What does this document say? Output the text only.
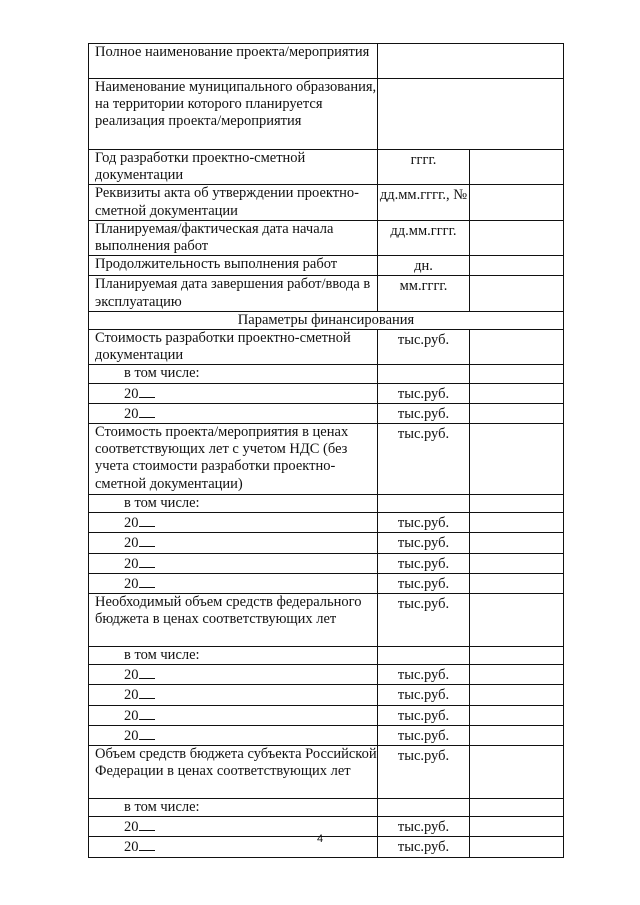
Полное наименование проекта/мероприятия		
Наименование муниципального образования, на территории которого планируется реализация проекта/мероприятия		
Год разработки проектно-сметной документации	гггг.	
Реквизиты акта об утверждении проектно-сметной документации	дд.мм.гггг., №	
Планируемая/фактическая дата начала выполнения работ	дд.мм.гггг.	
Продолжительность выполнения работ	дн.	
Планируемая дата завершения работ/ввода в эксплуатацию	мм.гггг.	
Параметры финансирования		
Стоимость разработки проектно-сметной документации	тыс.руб.	
в том числе:		
20	тыс.руб.	
20	тыс.руб.	
Стоимость проекта/мероприятия в ценах соответствующих лет с учетом НДС (без учета стоимости разработки проектно-сметной документации)	тыс.руб.	
в том числе:		
20	тыс.руб.	
20	тыс.руб.	
20	тыс.руб.	
20	тыс.руб.	
Необходимый объем средств федерального бюджета в ценах соответствующих лет	тыс.руб.	
в том числе:		
20	тыс.руб.	
20	тыс.руб.	
20	тыс.руб.	
20	тыс.руб.	
Объем средств бюджета субъекта Российской Федерации в ценах соответствующих лет	тыс.руб.	
в том числе:		
20	тыс.руб.	
20	тыс.руб.	
4
